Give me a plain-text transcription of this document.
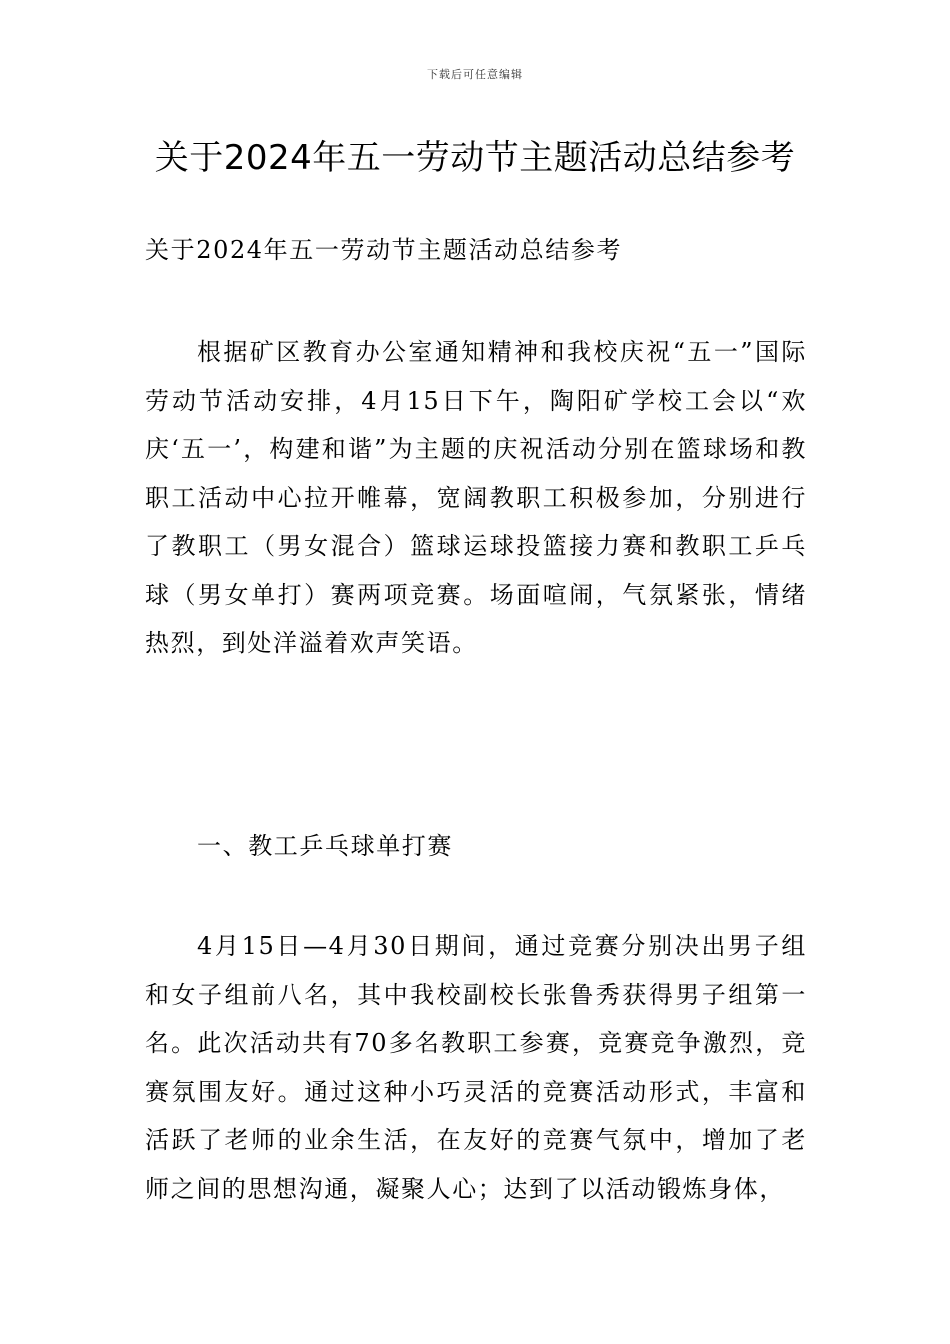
下载后可任意编辑
关于2024年五一劳动节主题活动总结参考

关于2024年五一劳动节主题活动总结参考

根据矿区教育办公室通知精神和我校庆祝“五一”国际劳动节活动安排，4月15日下午，陶阳矿学校工会以“欢庆‘五一’，构建和谐”为主题的庆祝活动分别在篮球场和教职工活动中心拉开帷幕，宽阔教职工积极参加，分别进行了教职工（男女混合）篮球运球投篮接力赛和教职工乒乓球（男女单打）赛两项竞赛。场面喧闹，气氛紧张，情绪热烈，到处洋溢着欢声笑语。

一、教工乒乓球单打赛

4月15日—4月30日期间，通过竞赛分别决出男子组和女子组前八名，其中我校副校长张鲁秀获得男子组第一名。此次活动共有70多名教职工参赛，竞赛竞争激烈，竞赛氛围友好。通过这种小巧灵活的竞赛活动形式，丰富和活跃了老师的业余生活，在友好的竞赛气氛中，增加了老师之间的思想沟通，凝聚人心；达到了以活动锻炼身体，
